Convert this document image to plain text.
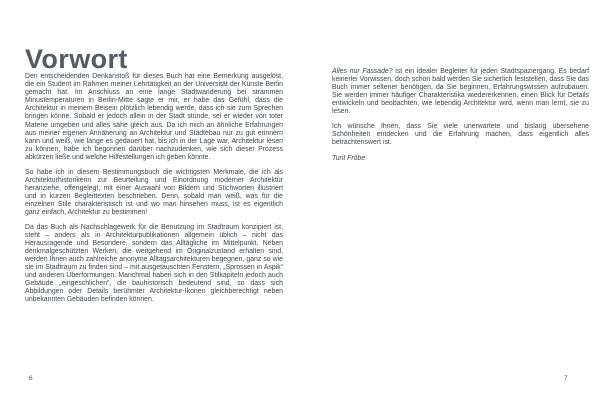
Vorwort

Den entscheidenden Denkanstoß für dieses Buch hat eine Bemerkung ausgelöst, die ein Student im Rahmen meiner Lehrtätigkeit an der Universität der Künste Berlin gemacht hat. Im Anschluss an eine lange Stadtwanderung bei strammen Minustemperaturen in Berlin-Mitte sagte er mir, er habe das Gefühl, dass die Architektur in meinem Beisein plötzlich lebendig werde, dass ich sie zum Sprechen bringen könne. Sobald er jedoch allein in der Stadt stünde, sei er wieder von toter Materie umgeben und alles sähe gleich aus. Da ich mich an ähnliche Erfahrungen aus meiner eigenen Annäherung an Architektur und Städtebau nur zu gut erinnern kann und weiß, wie lange es gedauert hat, bis ich in der Lage war, Architektur lesen zu können, habe ich begonnen darüber nachzudenken, wie sich dieser Prozess abkürzen ließe und welche Hilfestellungen ich geben könnte.

So habe ich in diesem Bestimmungsbuch die wichtigsten Merkmale, die ich als Architekturhistorikerin zur Beurteilung und Einordnung moderner Architektur heranziehe, offengelegt, mit einer Auswahl von Bildern und Stichworten illustriert und in kurzen Begleittexten beschrieben. Denn, sobald man weiß, was für die einzelnen Stile charakteristisch ist und wo man hinsehen muss, ist es eigentlich ganz einfach, Architektur zu bestimmen!

Da das Buch als Nachschlagewerk für die Benutzung im Stadtraum konzipiert ist, steht – anders als in Architekturpublikationen allgemein üblich – nicht das Herausragende und Besondere, sondern das Alltägliche im Mittelpunkt. Neben denkmalgeschützten Werken, die weitgehend im Originalzustand erhalten sind, werden Ihnen auch zahlreiche anonyme Alltagsarchitekturen begegnen, ganz so wie sie im Stadtraum zu finden sind – mit ausgetauschten Fenstern, „Sprossen in Aspik“ und anderen Überformungen. Manchmal haben sich in den Stilkapiteln jedoch auch Gebäude „eingeschlichen“, die bauhistorisch bedeutend sind, so dass sich Abbildungen oder Details berühmter Architektur-Ikonen gleichberechtigt neben unbekannten Gebäuden befinden können.

Alles nur Fassade? ist ein idealer Begleiter für jeden Stadtspaziergang. Es bedarf keinerlei Vorwissen, doch schon bald werden Sie sicherlich feststellen, dass Sie das Buch immer seltener benötigen, da Sie beginnen, Erfahrungswissen aufzubauen. Sie werden immer häufiger Charakteristika wiedererkennen, einen Blick für Details entwickeln und beobachten, wie lebendig Architektur wird, wenn man lernt, sie zu lesen.

Ich wünsche Ihnen, dass Sie viele unerwartete und bislang übersehene Schönheiten entdecken und die Erfahrung machen, dass eigentlich alles betrachtenswert ist.

Turit Fröbe

6	7
